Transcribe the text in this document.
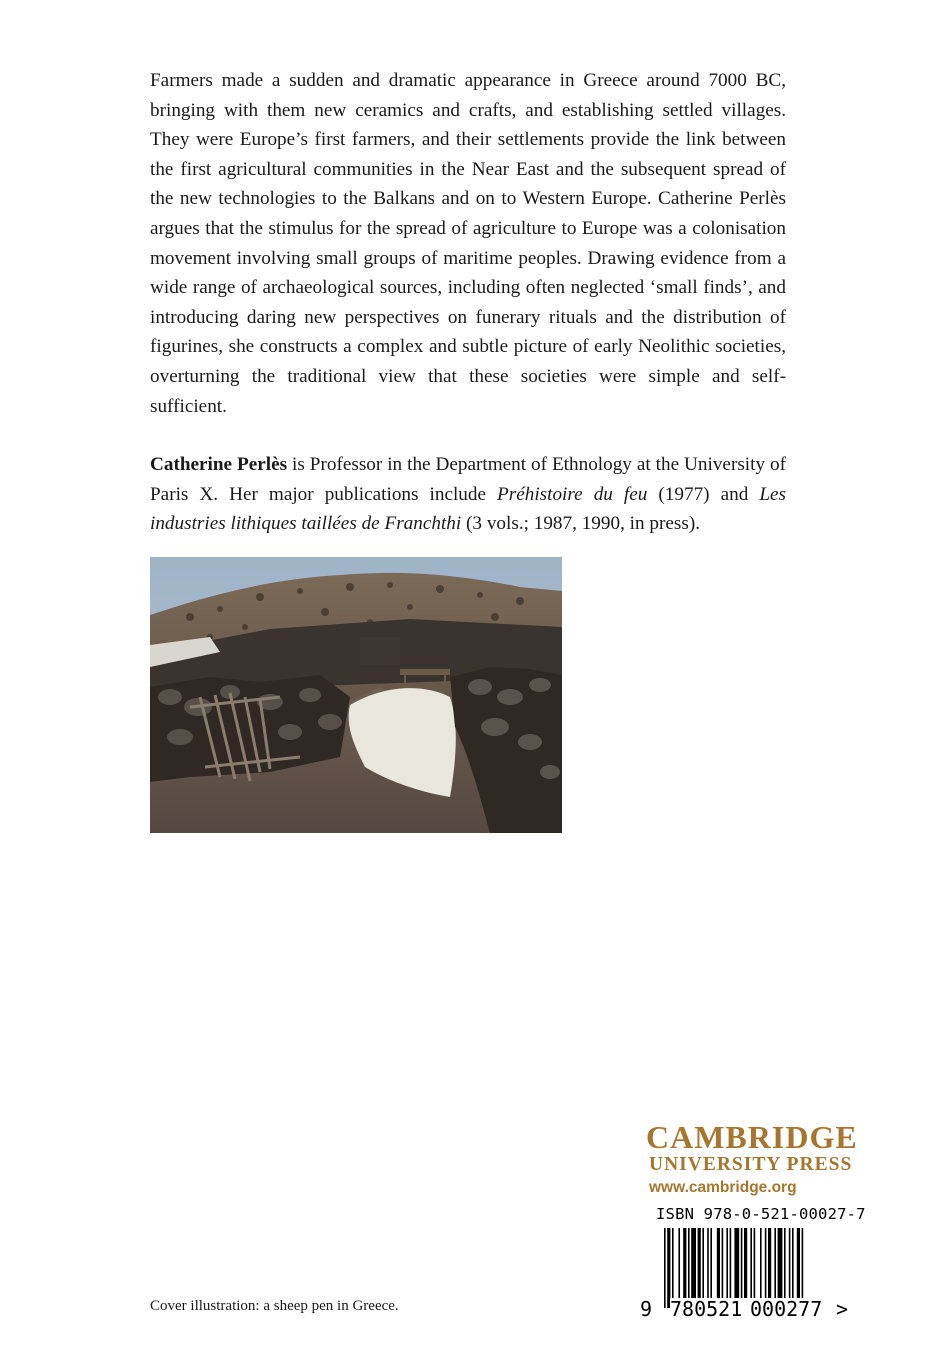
Farmers made a sudden and dramatic appearance in Greece around 7000 BC, bringing with them new ceramics and crafts, and establishing settled villages. They were Europe’s first farmers, and their settlements provide the link between the first agricultural communities in the Near East and the subsequent spread of the new technologies to the Balkans and on to Western Europe. Catherine Perlès argues that the stimulus for the spread of agriculture to Europe was a colonisation movement involving small groups of maritime peoples. Drawing evidence from a wide range of archaeological sources, including often neglected ‘small finds’, and introducing daring new perspectives on funerary rituals and the distribution of figurines, she constructs a complex and subtle picture of early Neolithic societies, overturning the traditional view that these societies were simple and self-sufficient.

Catherine Perlès is Professor in the Department of Ethnology at the University of Paris X. Her major publications include Préhistoire du feu (1977) and Les industries lithiques taillées de Franchthi (3 vols.; 1987, 1990, in press).

CAMBRIDGE

UNIVERSITY PRESS

www.cambridge.org

ISBN 978-0-521-00027-7

9 780521 000277 >

Cover illustration: a sheep pen in Greece.
